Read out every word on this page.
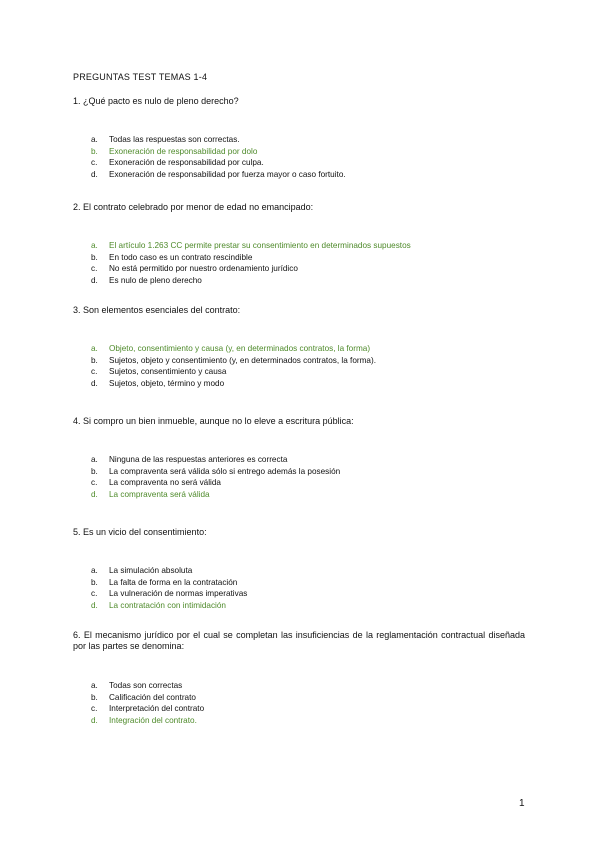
PREGUNTAS TEST TEMAS 1-4
1. ¿Qué pacto es nulo de pleno derecho?
a.	Todas las respuestas son correctas.
b.	Exoneración de responsabilidad por dolo
c.	Exoneración de responsabilidad por culpa.
d.	Exoneración de responsabilidad por fuerza mayor o caso fortuito.
2. El contrato celebrado por menor de edad no emancipado:
a.	El artículo 1.263 CC permite prestar su consentimiento en determinados supuestos
b.	En todo caso es un contrato rescindible
c.	No está permitido por nuestro ordenamiento jurídico
d.	Es nulo de pleno derecho
3. Son elementos esenciales del contrato:
a.	Objeto, consentimiento y causa (y, en determinados contratos, la forma)
b.	Sujetos, objeto y consentimiento (y, en determinados contratos, la forma).
c.	Sujetos, consentimiento y causa
d.	Sujetos, objeto, término y modo
4. Si compro un bien inmueble, aunque no lo eleve a escritura pública:
a.	Ninguna de las respuestas anteriores es correcta
b.	La compraventa será válida sólo si entrego además la posesión
c.	La compraventa no será válida
d.	La compraventa será válida
5. Es un vicio del consentimiento:
a.	La simulación absoluta
b.	La falta de forma en la contratación
c.	La vulneración de normas imperativas
d.	La contratación con intimidación
6. El mecanismo jurídico por el cual se completan las insuficiencias de la reglamentación contractual diseñada por las partes se denomina:
a.	Todas son correctas
b.	Calificación del contrato
c.	Interpretación del contrato
d.	Integración del contrato.
1
